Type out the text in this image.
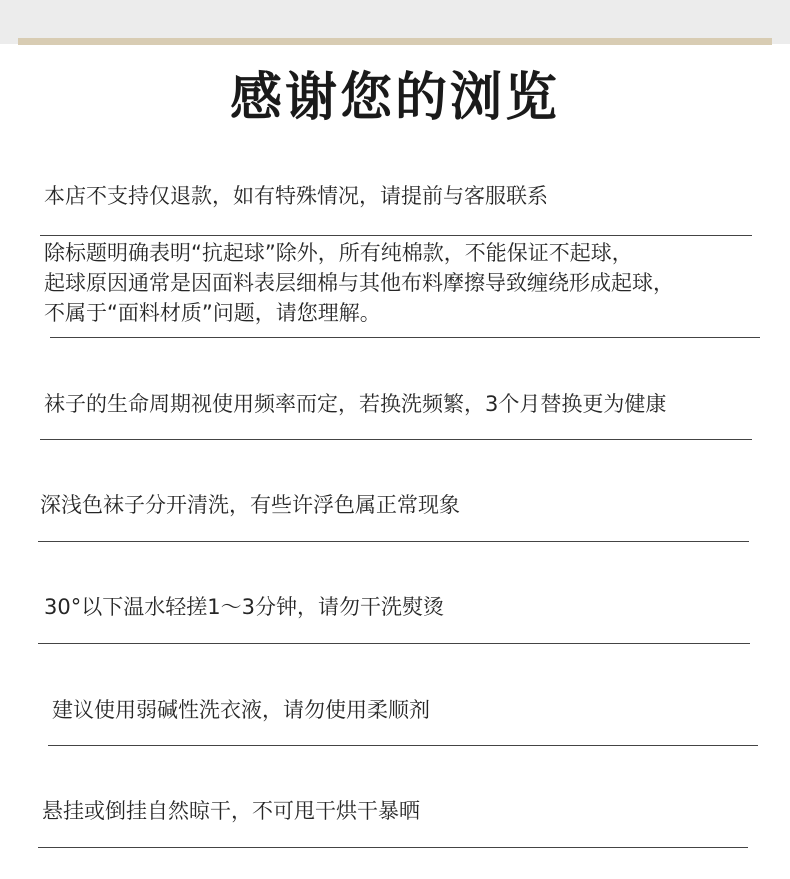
感谢您的浏览
本店不支持仅退款，如有特殊情况，请提前与客服联系
除标题明确表明“抗起球”除外，所有纯棉款，不能保证不起球，
起球原因通常是因面料表层细棉与其他布料摩擦导致缠绕形成起球，
不属于“面料材质”问题，请您理解。
袜子的生命周期视使用频率而定，若换洗频繁，3个月替换更为健康
深浅色袜子分开清洗，有些许浮色属正常现象
30°以下温水轻搓1～3分钟，请勿干洗熨烫
建议使用弱碱性洗衣液，请勿使用柔顺剂
悬挂或倒挂自然晾干，不可甩干烘干暴晒
